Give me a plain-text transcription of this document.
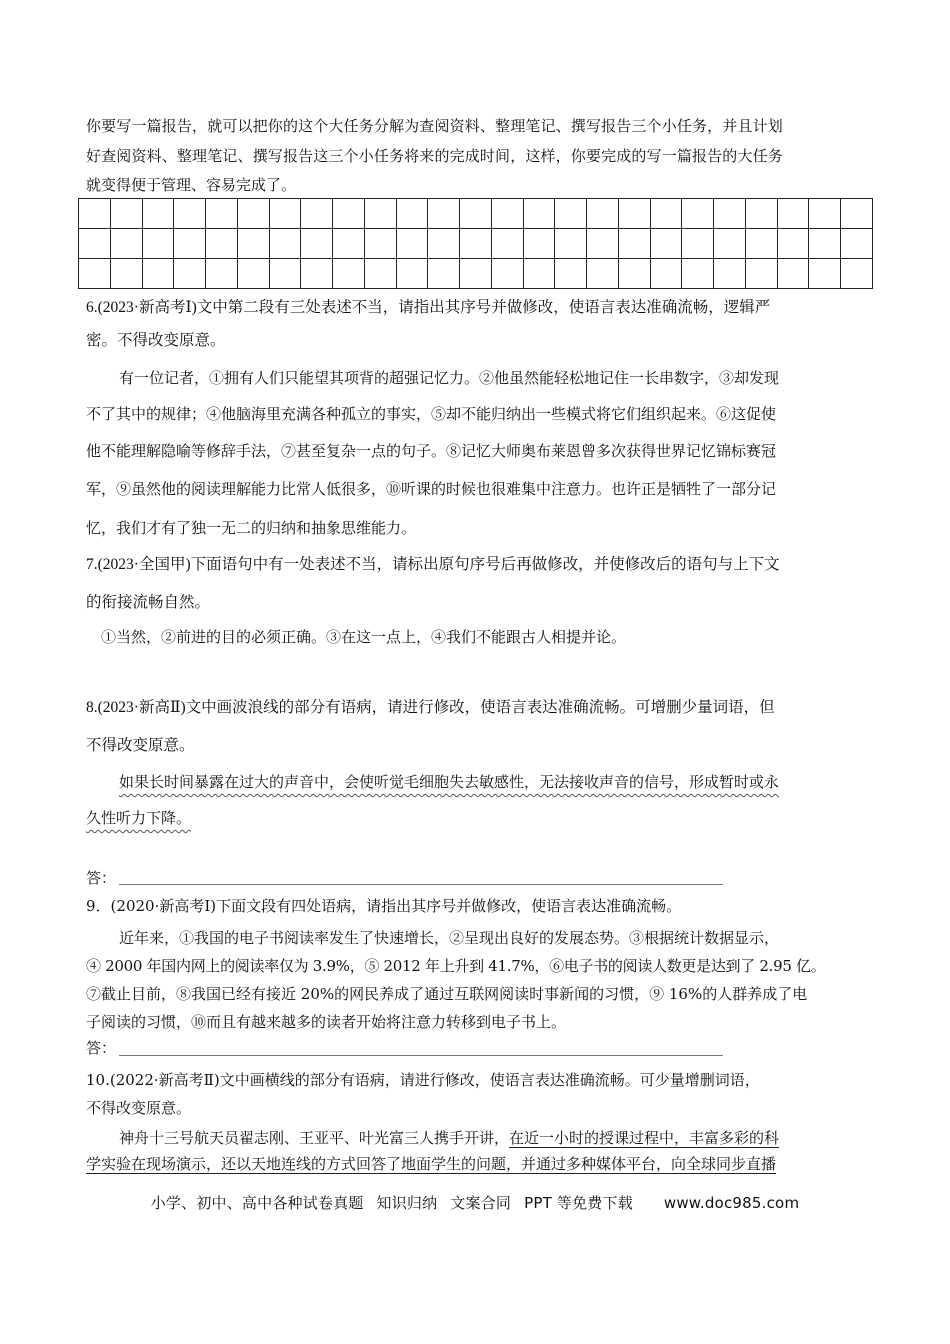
你要写一篇报告，就可以把你的这个大任务分解为查阅资料、整理笔记、撰写报告三个小任务，并且计划
好查阅资料、整理笔记、撰写报告这三个小任务将来的完成时间，这样，你要完成的写一篇报告的大任务
就变得便于管理、容易完成了。

6.(2023·新高考Ⅰ)文中第二段有三处表述不当，请指出其序号并做修改，使语言表达准确流畅，逻辑严
密。不得改变原意。
有一位记者，①拥有人们只能望其项背的超强记忆力。②他虽然能轻松地记住一长串数字，③却发现
不了其中的规律；④他脑海里充满各种孤立的事实，⑤却不能归纳出一些模式将它们组织起来。⑥这促使
他不能理解隐喻等修辞手法，⑦甚至复杂一点的句子。⑧记忆大师奥布莱恩曾多次获得世界记忆锦标赛冠
军，⑨虽然他的阅读理解能力比常人低很多，⑩听课的时候也很难集中注意力。也许正是牺牲了一部分记
忆，我们才有了独一无二的归纳和抽象思维能力。
7.(2023·全国甲)下面语句中有一处表述不当，请标出原句序号后再做修改，并使修改后的语句与上下文
的衔接流畅自然。
①当然，②前进的目的必须正确。③在这一点上，④我们不能跟古人相提并论。
8.(2023·新高Ⅱ)文中画波浪线的部分有语病，请进行修改，使语言表达准确流畅。可增删少量词语，但
不得改变原意。
如果长时间暴露在过大的声音中，会使听觉毛细胞失去敏感性，无法接收声音的信号，形成暂时或永
久性听力下降。
答：
9．(2020·新高考Ⅰ)下面文段有四处语病，请指出其序号并做修改，使语言表达准确流畅。
近年来，①我国的电子书阅读率发生了快速增长，②呈现出良好的发展态势。③根据统计数据显示，
④ 2000 年国内网上的阅读率仅为 3.9%，⑤ 2012 年上升到 41.7%，⑥电子书的阅读人数更是达到了 2.95 亿。
⑦截止目前，⑧我国已经有接近 20%的网民养成了通过互联网阅读时事新闻的习惯，⑨ 16%的人群养成了电
子阅读的习惯，⑩而且有越来越多的读者开始将注意力转移到电子书上。
答：
10.(2022·新高考Ⅱ)文中画横线的部分有语病，请进行修改，使语言表达准确流畅。可少量增删词语，
不得改变原意。
神舟十三号航天员翟志刚、王亚平、叶光富三人携手开讲，在近一小时的授课过程中，丰富多彩的科
学实验在现场演示，还以天地连线的方式回答了地面学生的问题，并通过多种媒体平台，向全球同步直播
小学、初中、高中各种试卷真题 知识归纳 文案合同 PPT 等免费下载 www.doc985.com
